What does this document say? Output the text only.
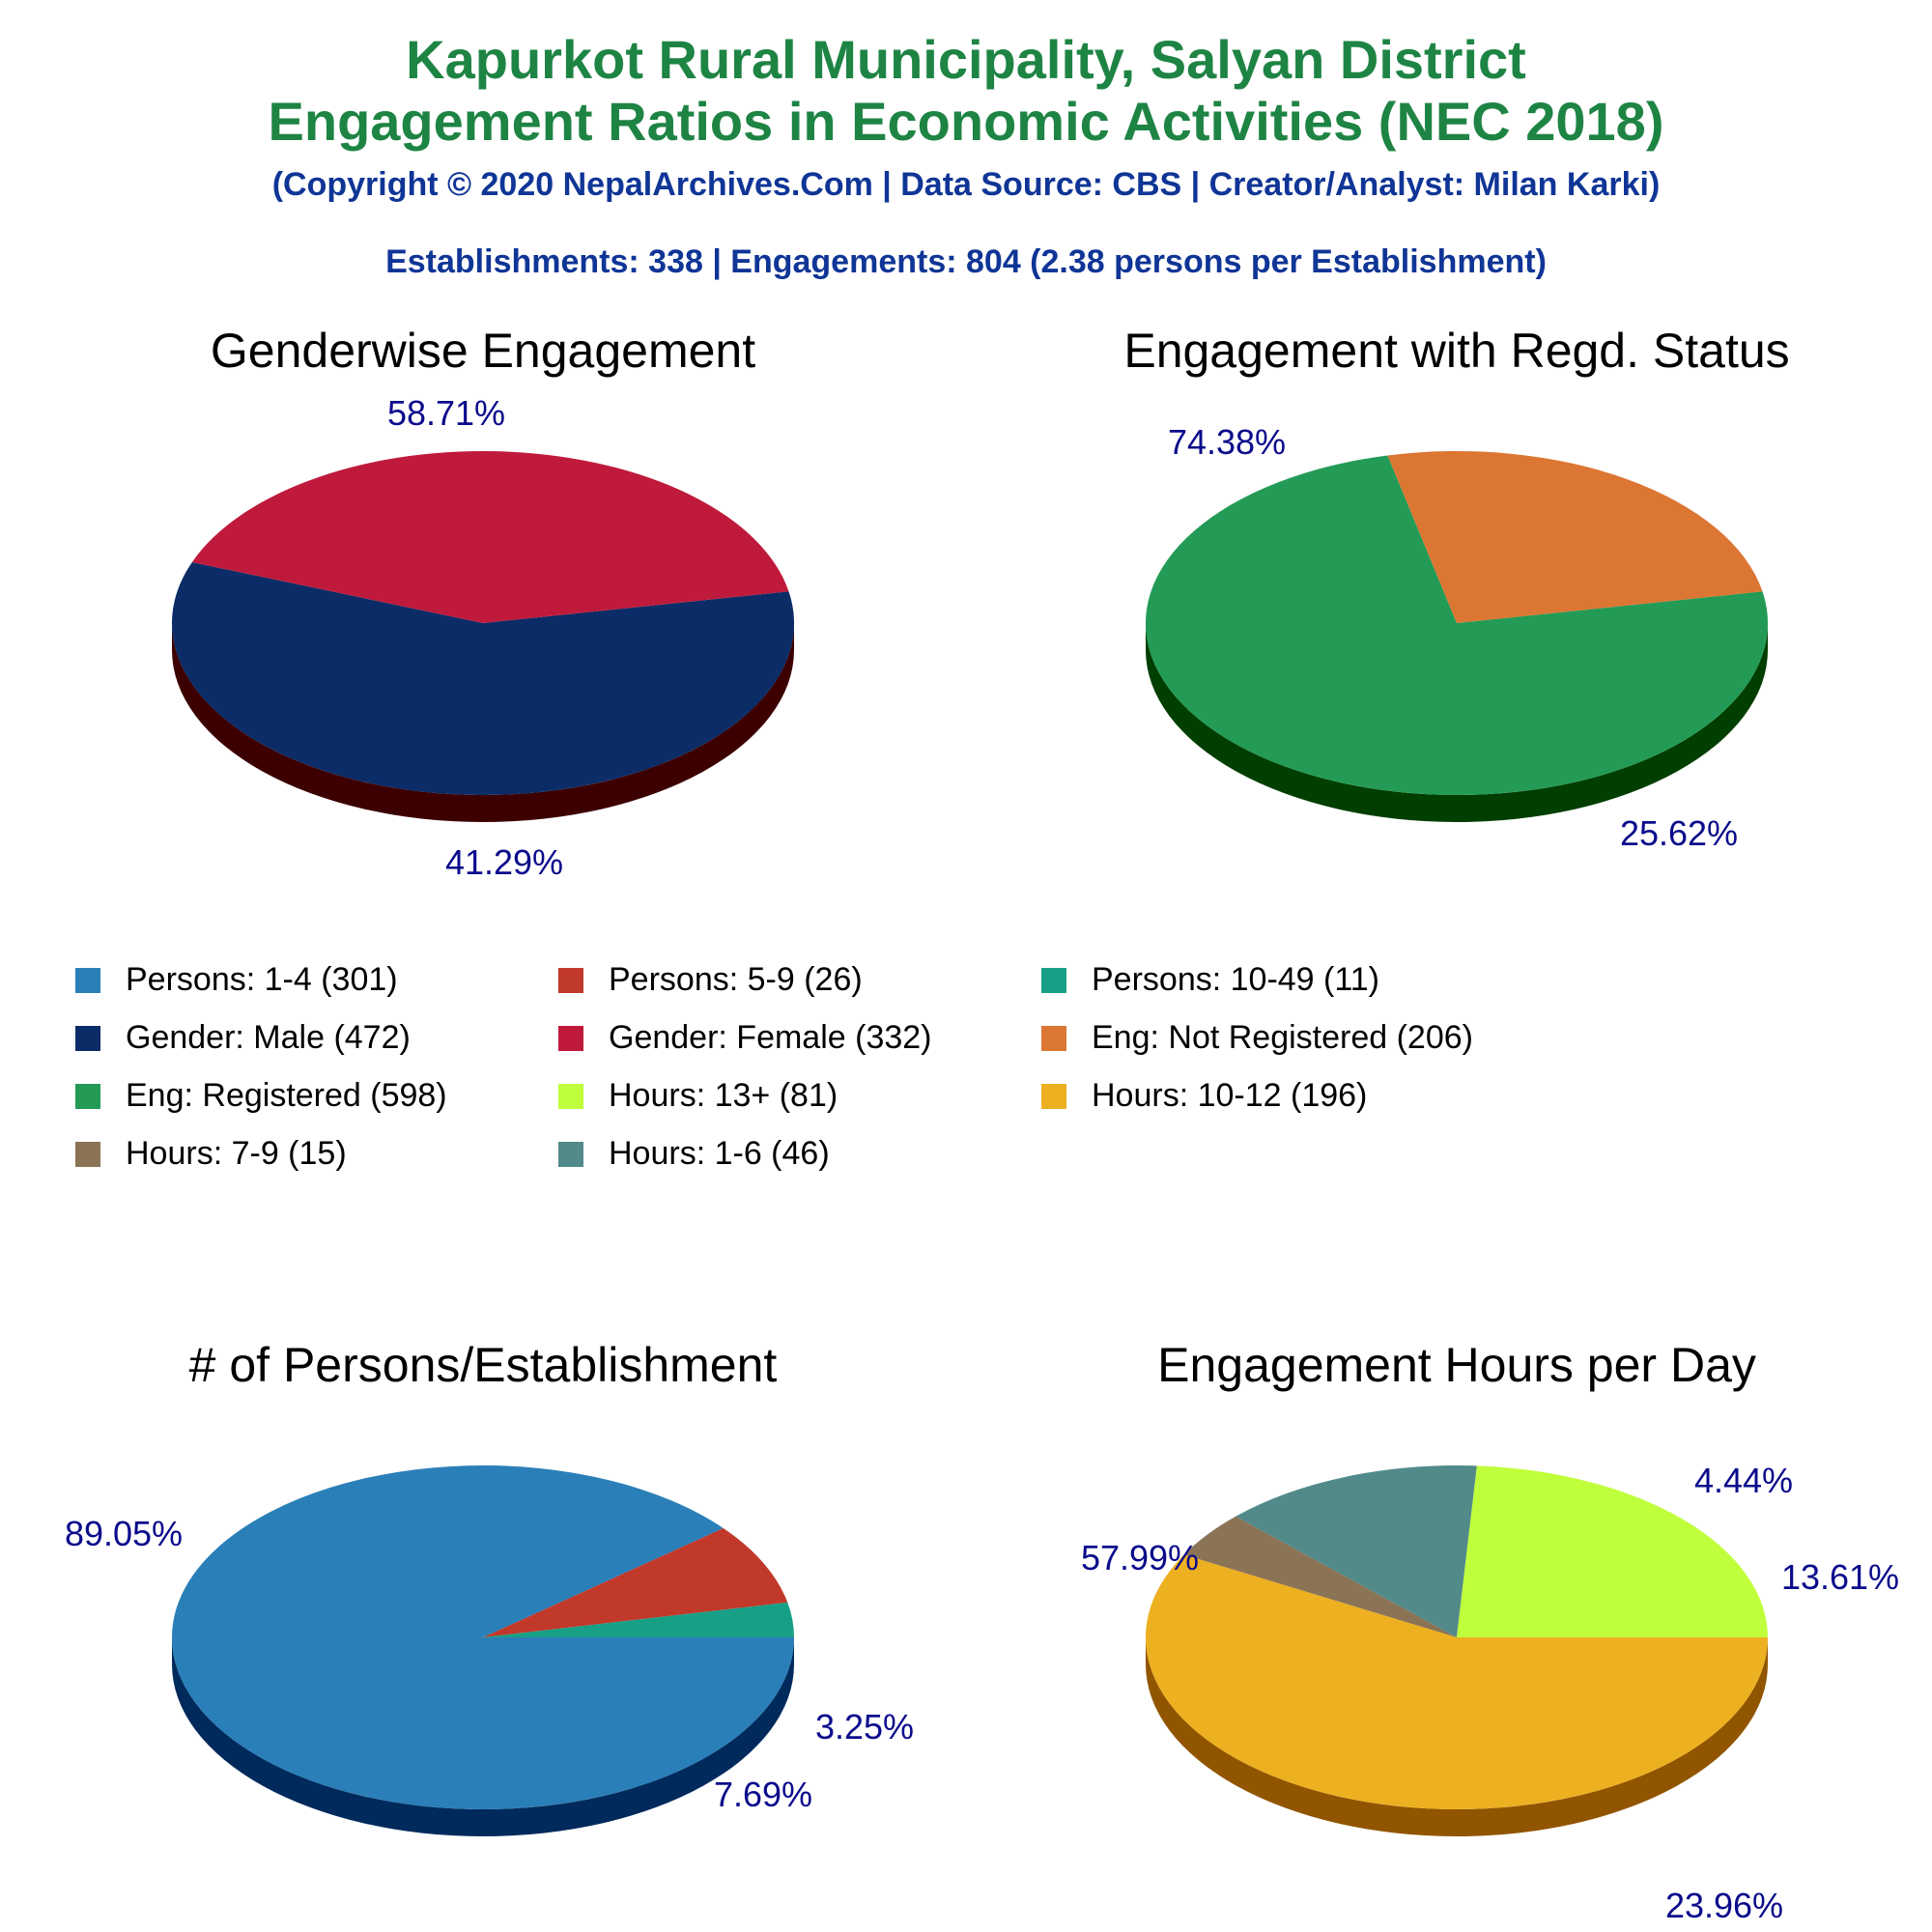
Kapurkot Rural Municipality, Salyan District
Engagement Ratios in Economic Activities (NEC 2018)
(Copyright © 2020 NepalArchives.Com | Data Source: CBS | Creator/Analyst: Milan Karki)
Establishments: 338 | Engagements: 804 (2.38 persons per Establishment)
Genderwise Engagement
58.71%
41.29%
Engagement with Regd. Status
74.38%
25.62%
# of Persons/Establishment
89.05%
7.69%
3.25%
Engagement Hours per Day
57.99%
4.44%
13.61%
23.96%
Persons: 1-4 (301)	Persons: 5-9 (26)	Persons: 10-49 (11)
Gender: Male (472)	Gender: Female (332)	Eng: Not Registered (206)
Eng: Registered (598)	Hours: 13+ (81)	Hours: 10-12 (196)
Hours: 7-9 (15)	Hours: 1-6 (46)
